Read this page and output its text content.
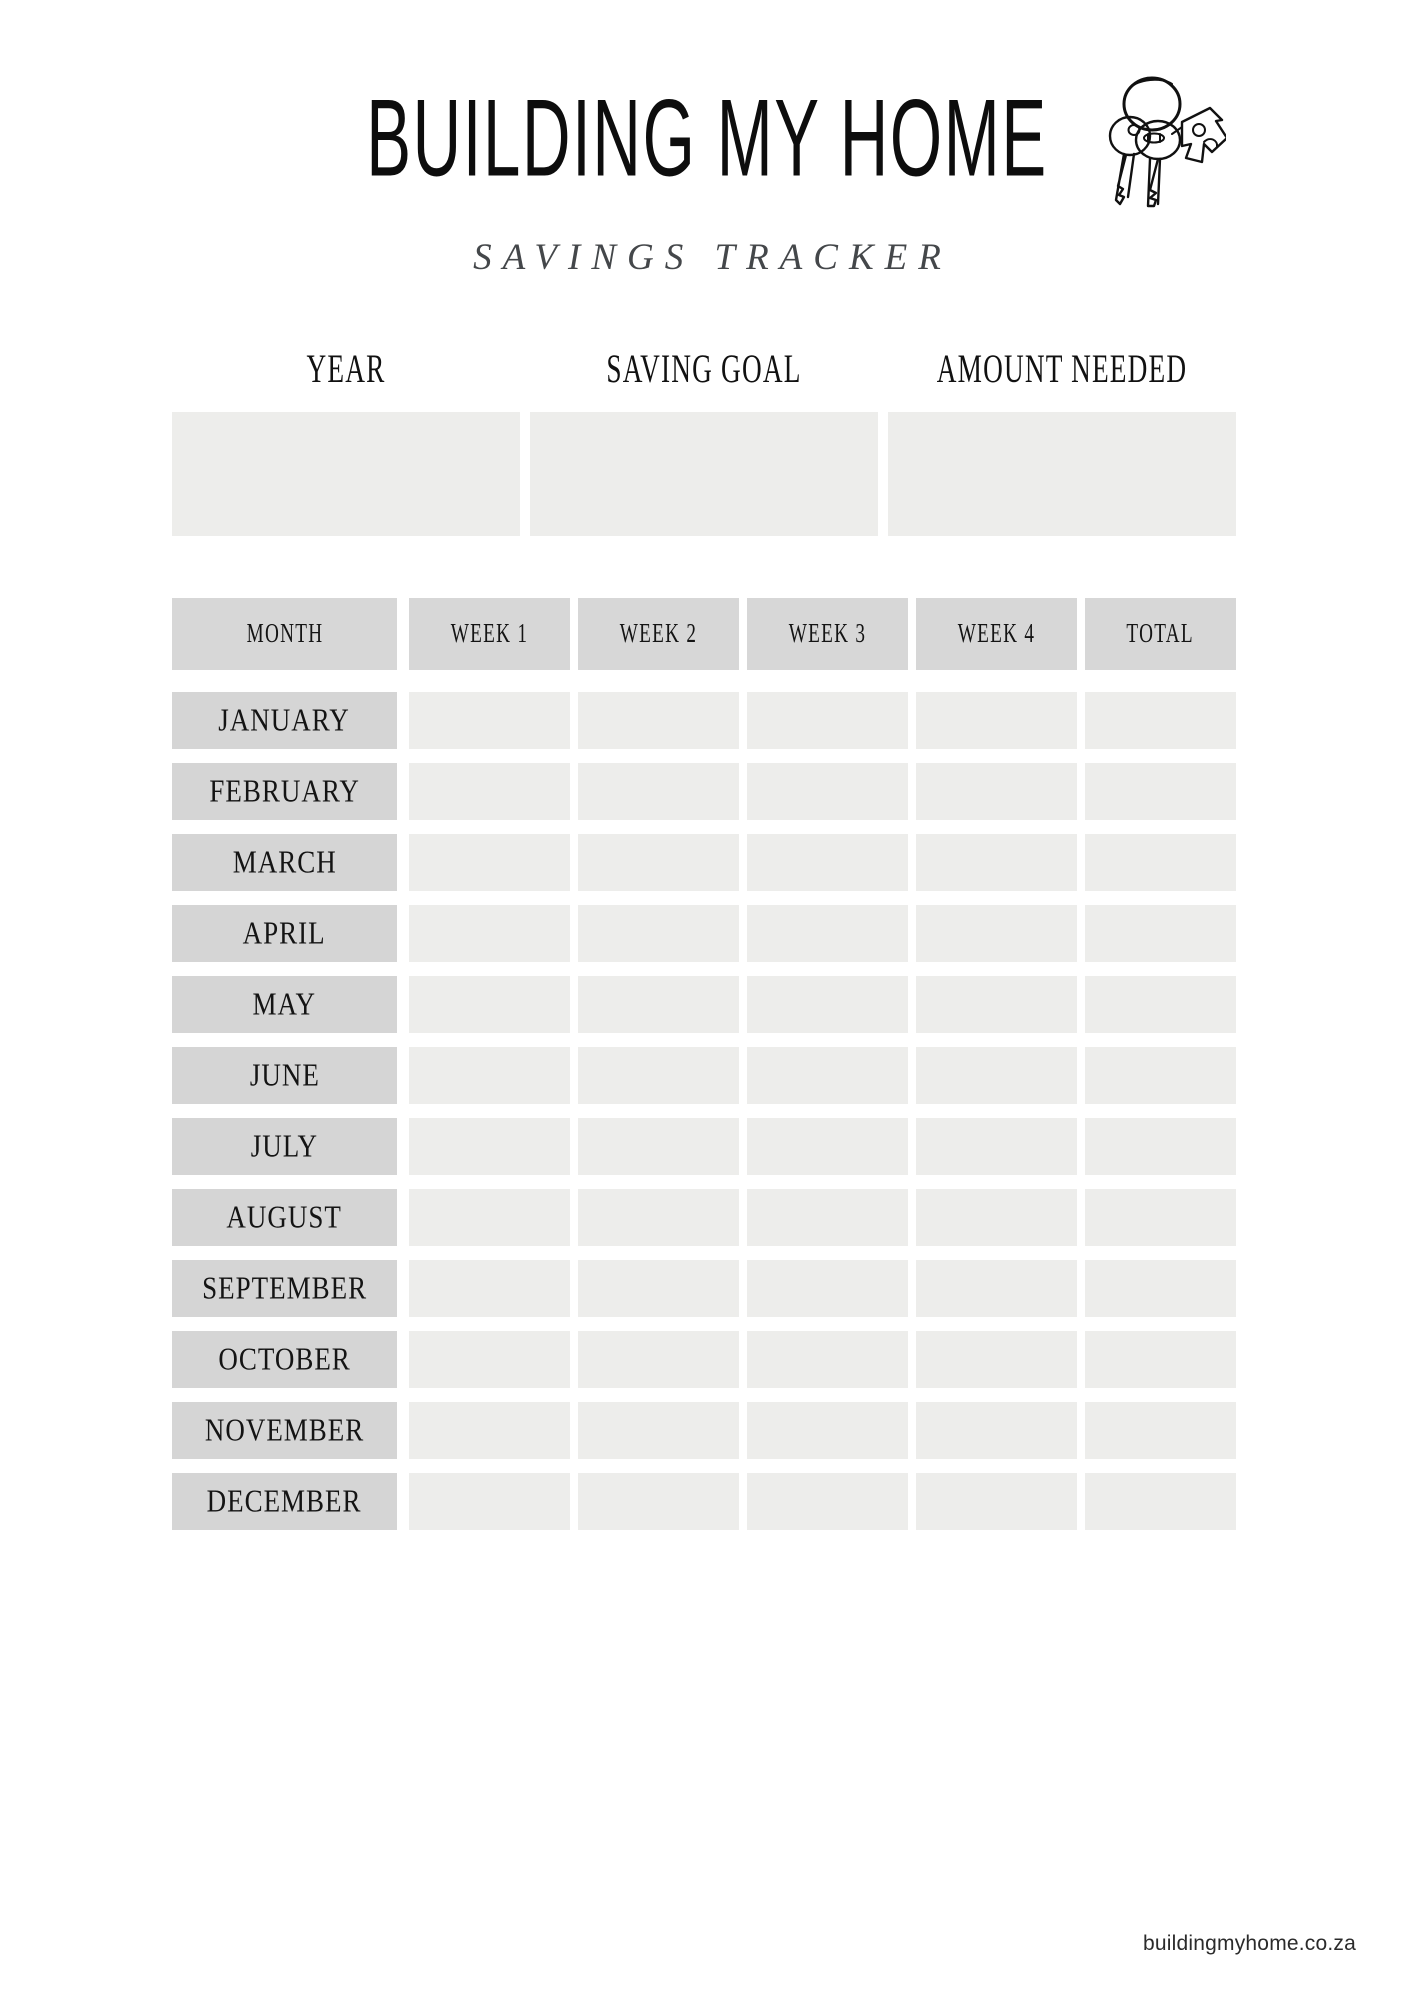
BUILDING MY HOME
SAVINGS TRACKER
YEAR	SAVING GOAL	AMOUNT NEEDED
MONTH	WEEK 1	WEEK 2	WEEK 3	WEEK 4	TOTAL
JANUARY
FEBRUARY
MARCH
APRIL
MAY
JUNE
JULY
AUGUST
SEPTEMBER
OCTOBER
NOVEMBER
DECEMBER
buildingmyhome.co.za
